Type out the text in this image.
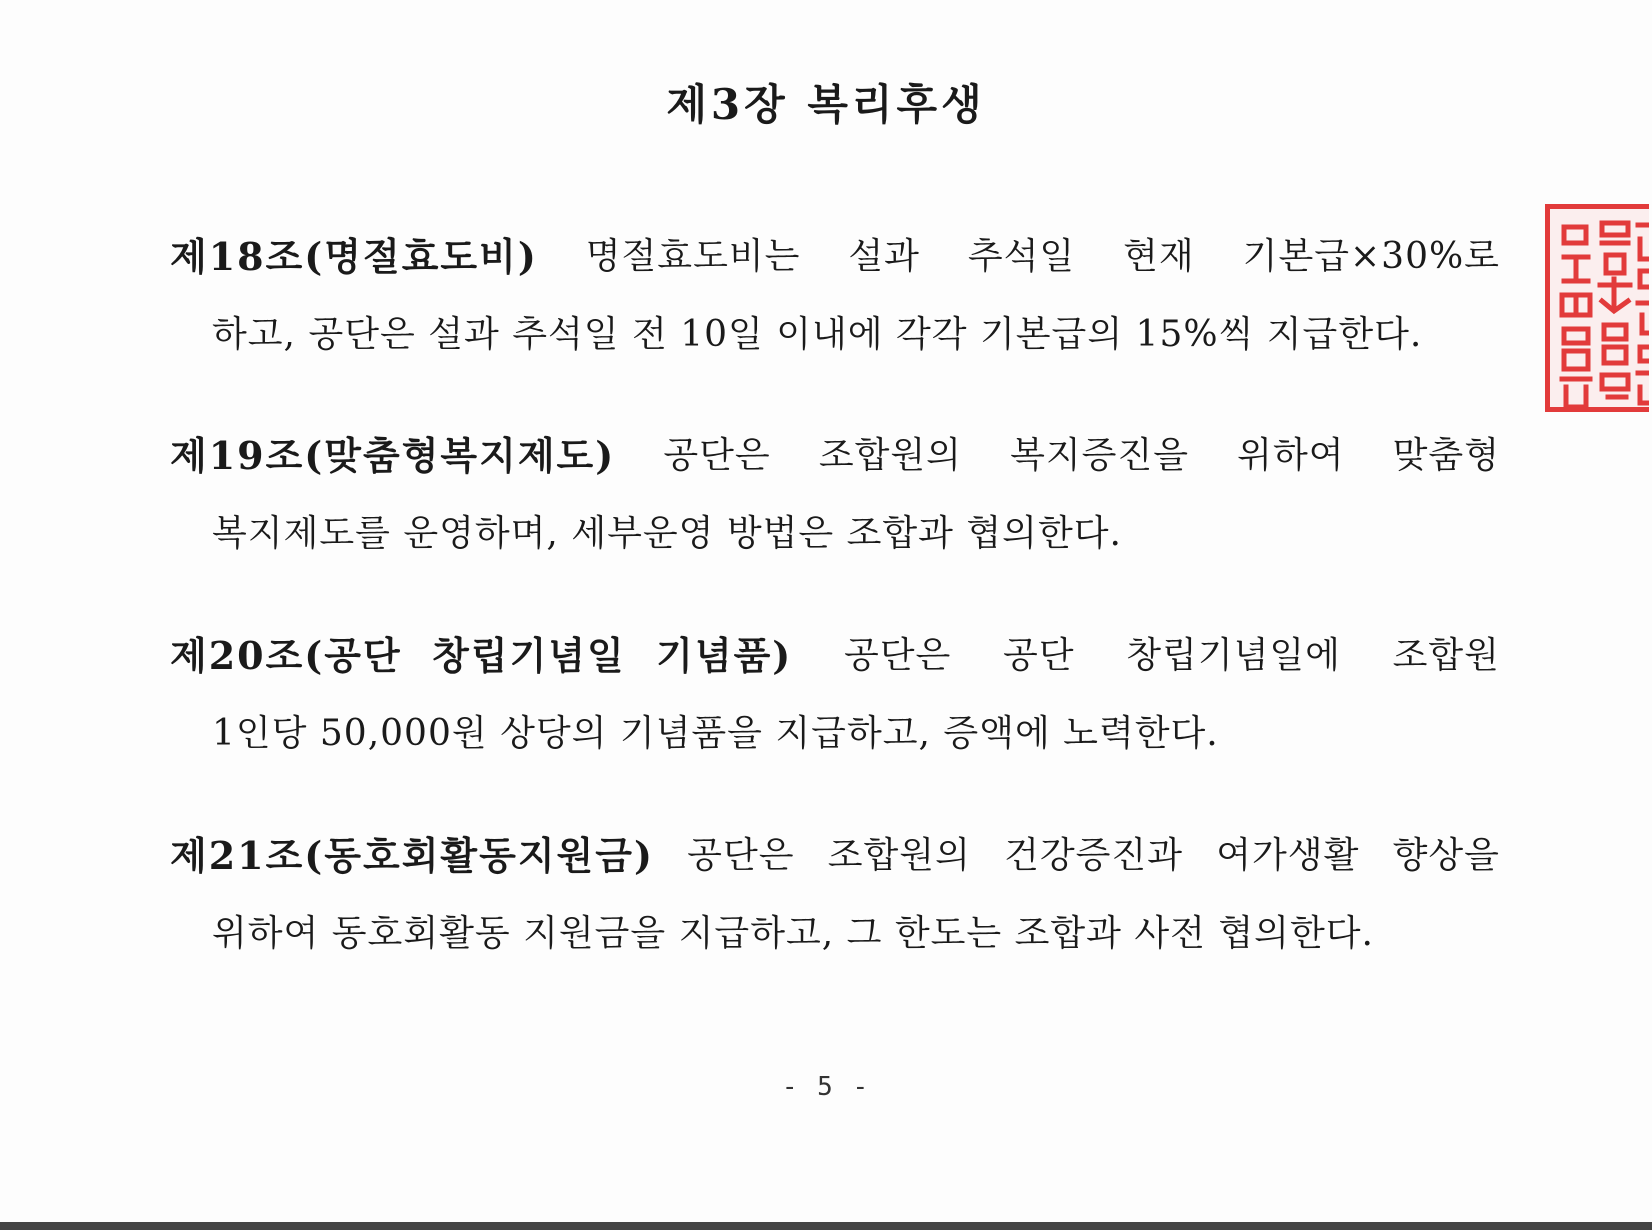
제3장 복리후생
제18조(명절효도비) 명절효도비는 설과 추석일 현재 기본급×30%로
하고, 공단은 설과 추석일 전 10일 이내에 각각 기본급의 15%씩 지급한다.
제19조(맞춤형복지제도) 공단은 조합원의 복지증진을 위하여 맞춤형
복지제도를 운영하며, 세부운영 방법은 조합과 협의한다.
제20조(공단  창립기념일  기념품) 공단은 공단 창립기념일에 조합원
1인당 50,000원 상당의 기념품을 지급하고, 증액에 노력한다.
제21조(동호회활동지원금) 공단은 조합원의 건강증진과 여가생활 향상을
위하여 동호회활동 지원금을 지급하고, 그 한도는 조합과 사전 협의한다.
- 5 -
